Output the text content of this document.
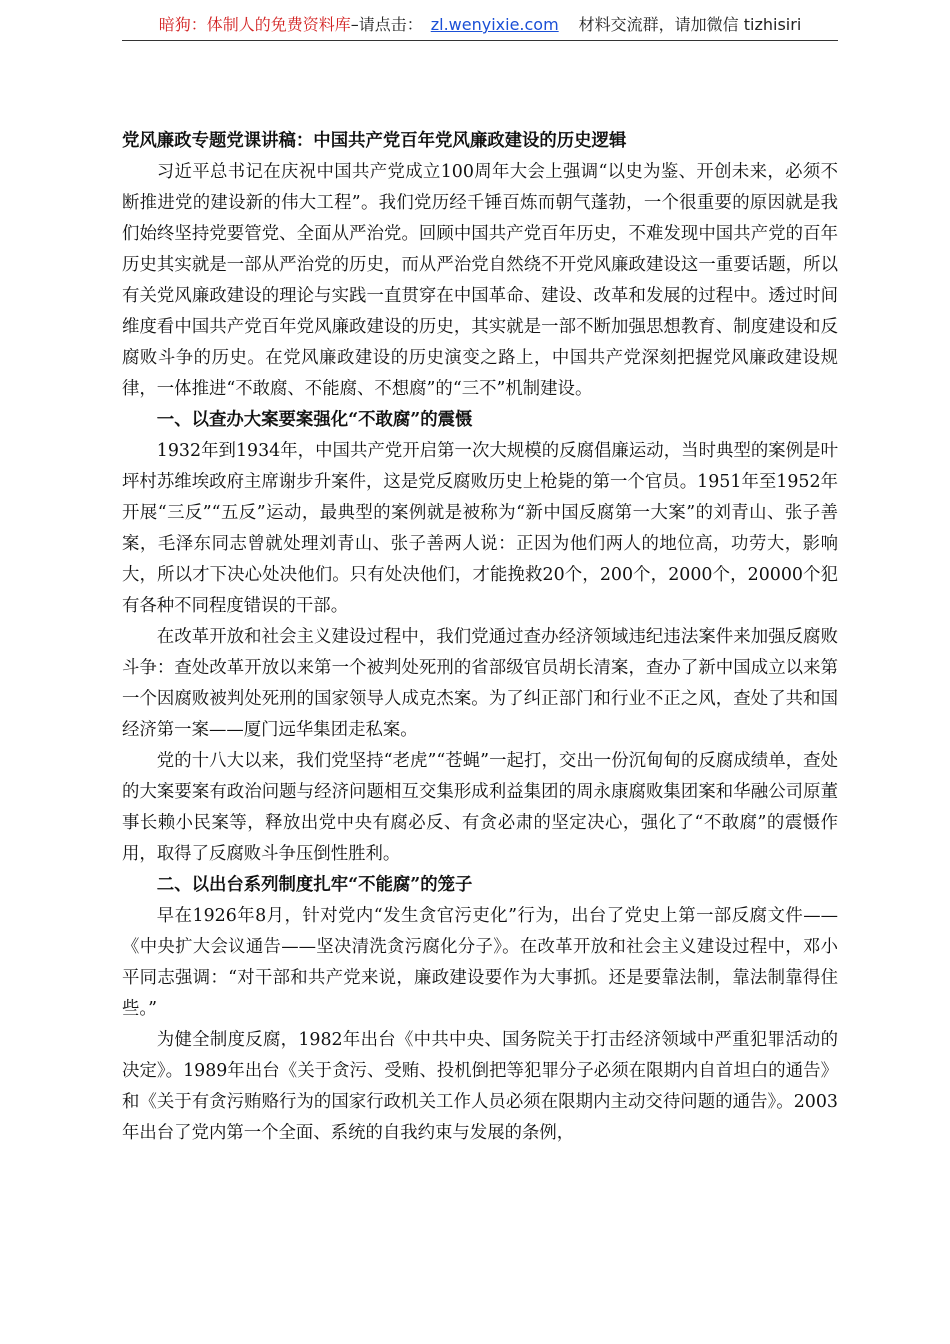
暗狗：体制人的免费资料库 –请点击： zl.wenyixie.com 材料交流群，请加微信 tizhisiri

党风廉政专题党课讲稿：中国共产党百年党风廉政建设的历史逻辑

习近平总书记在庆祝中国共产党成立100周年大会上强调“以史为鉴、开创未来，必须不断推进党的建设新的伟大工程”。我们党历经千锤百炼而朝气蓬勃，一个很重要的原因就是我们始终坚持党要管党、全面从严治党。回顾中国共产党百年历史，不难发现中国共产党的百年历史其实就是一部从严治党的历史，而从严治党自然绕不开党风廉政建设这一重要话题，所以有关党风廉政建设的理论与实践一直贯穿在中国革命、建设、改革和发展的过程中。透过时间维度看中国共产党百年党风廉政建设的历史，其实就是一部不断加强思想教育、制度建设和反腐败斗争的历史。在党风廉政建设的历史演变之路上，中国共产党深刻把握党风廉政建设规律，一体推进“不敢腐、不能腐、不想腐”的“三不”机制建设。

一、以查办大案要案强化“不敢腐”的震慑

1932年到1934年，中国共产党开启第一次大规模的反腐倡廉运动，当时典型的案例是叶坪村苏维埃政府主席谢步升案件，这是党反腐败历史上枪毙的第一个官员。1951年至1952年开展“三反”“五反”运动，最典型的案例就是被称为“新中国反腐第一大案”的刘青山、张子善案，毛泽东同志曾就处理刘青山、张子善两人说：正因为他们两人的地位高，功劳大，影响大，所以才下决心处决他们。只有处决他们，才能挽救20个，200个，2000个，20000个犯有各种不同程度错误的干部。

在改革开放和社会主义建设过程中，我们党通过查办经济领域违纪违法案件来加强反腐败斗争：查处改革开放以来第一个被判处死刑的省部级官员胡长清案，查办了新中国成立以来第一个因腐败被判处死刑的国家领导人成克杰案。为了纠正部门和行业不正之风，查处了共和国经济第一案——厦门远华集团走私案。

党的十八大以来，我们党坚持“老虎”“苍蝇”一起打，交出一份沉甸甸的反腐成绩单，查处的大案要案有政治问题与经济问题相互交集形成利益集团的周永康腐败集团案和华融公司原董事长赖小民案等，释放出党中央有腐必反、有贪必肃的坚定决心，强化了“不敢腐”的震慑作用，取得了反腐败斗争压倒性胜利。

二、以出台系列制度扎牢“不能腐”的笼子

早在1926年8月，针对党内“发生贪官污吏化”行为，出台了党史上第一部反腐文件——《中央扩大会议通告——坚决清洗贪污腐化分子》。在改革开放和社会主义建设过程中，邓小平同志强调：“对干部和共产党来说，廉政建设要作为大事抓。还是要靠法制，靠法制靠得住些。”

为健全制度反腐，1982年出台《中共中央、国务院关于打击经济领域中严重犯罪活动的决定》。1989年出台《关于贪污、受贿、投机倒把等犯罪分子必须在限期内自首坦白的通告》和《关于有贪污贿赂行为的国家行政机关工作人员必须在限期内主动交待问题的通告》。2003年出台了党内第一个全面、系统的自我约束与发展的条例，
